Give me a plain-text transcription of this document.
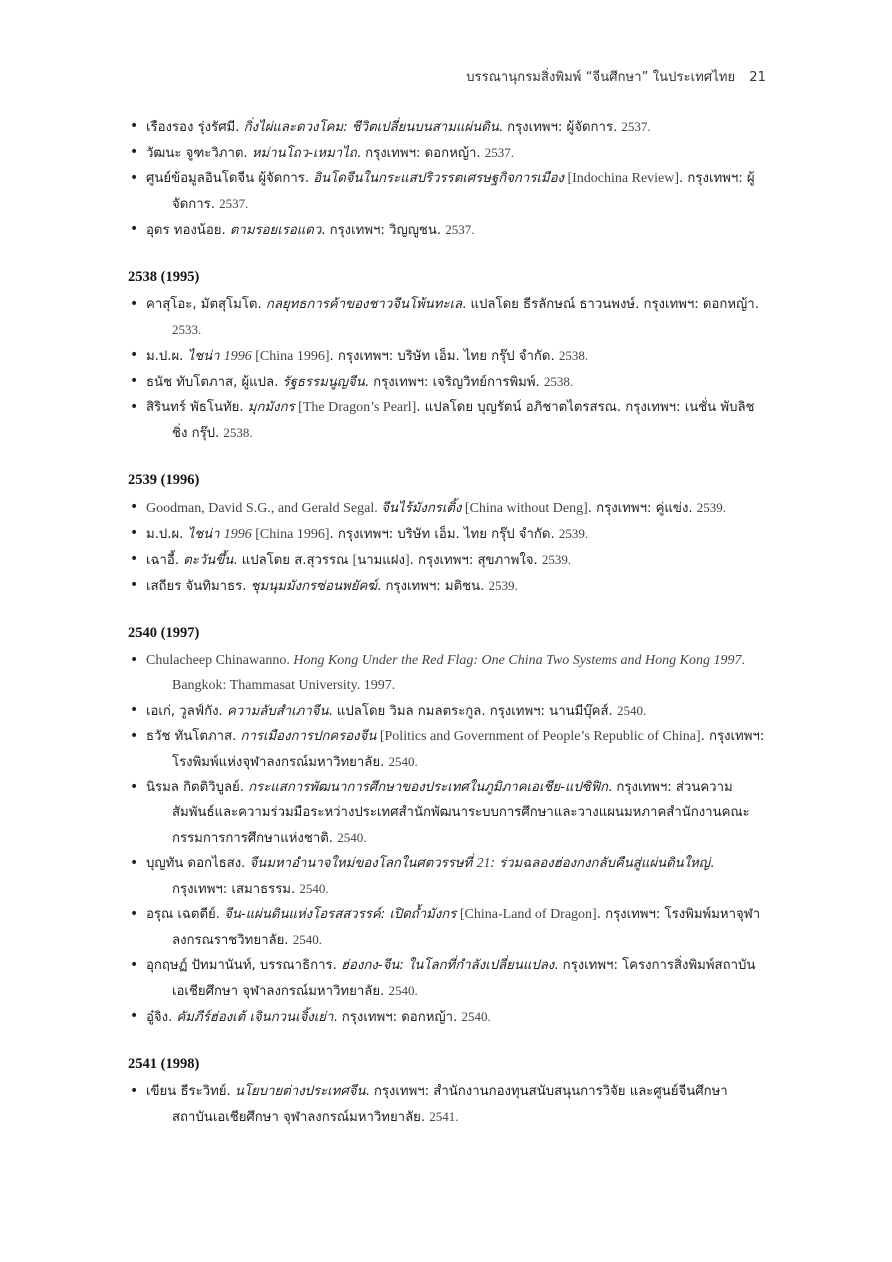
บรรณานุกรมสิ่งพิมพ์ “จีนศึกษา” ในประเทศไทย 21
• เรืองรอง รุ่งรัศมี. กิ่งไผ่และดวงโคม: ชีวิตเปลี่ยนบนสามแผ่นดิน. กรุงเทพฯ: ผู้จัดการ. 2537.
• วัฒนะ จูฑะวิภาต. หม่านโถว-เหมาไถ. กรุงเทพฯ: ดอกหญ้า. 2537.
• ศูนย์ข้อมูลอินโดจีน ผู้จัดการ. อินโดจีนในกระแสปริวรรตเศรษฐกิจการเมือง [Indochina Review]. กรุงเทพฯ: ผู้จัดการ. 2537.
• อุดร ทองน้อย. ตามรอยเรอแดว. กรุงเทพฯ: วิญญูชน. 2537.
2538 (1995)
• คาสุโอะ, มัตสุโมโต. กลยุทธการค้าของชาวจีนโพ้นทะเล. แปลโดย ธีรลักษณ์ ธาวนพงษ์. กรุงเทพฯ: ดอกหญ้า. 2533.
• ม.ป.ผ. ไชน่า 1996 [China 1996]. กรุงเทพฯ: บริษัท เอ็ม. ไทย กรุ๊ป จำกัด. 2538.
• ธนัช ทับโตภาส, ผู้แปล. รัฐธรรมนูญจีน. กรุงเทพฯ: เจริญวิทย์การพิมพ์. 2538.
• สิรินทร์ พัธโนทัย. มุกมังกร [The Dragon’s Pearl]. แปลโดย บุญรัตน์ อภิชาตไตรสรณ. กรุงเทพฯ: เนชั่น พับลิชชิ่ง กรุ๊ป. 2538.
2539 (1996)
• Goodman, David S.G., and Gerald Segal. จีนไร้มังกรเติ้ง [China without Deng]. กรุงเทพฯ: คู่แข่ง. 2539.
• ม.ป.ผ. ไชน่า 1996 [China 1996]. กรุงเทพฯ: บริษัท เอ็ม. ไทย กรุ๊ป จำกัด. 2539.
• เฉาอี้. ตะวันขึ้น. แปลโดย ส.สุวรรณ [นามแฝง]. กรุงเทพฯ: สุขภาพใจ. 2539.
• เสถียร จันทิมาธร. ชุมนุมมังกรซ่อนพยัคฆ์. กรุงเทพฯ: มติชน. 2539.
2540 (1997)
• Chulacheep Chinawanno. Hong Kong Under the Red Flag: One China Two Systems and Hong Kong 1997. Bangkok: Thammasat University. 1997.
• เอเก่, วูลฟ์กัง. ความลับสำเภาจีน. แปลโดย วิมล กมลตระกูล. กรุงเทพฯ: นานมีบุ๊คส์. 2540.
• ธวัช ทันโตภาส. การเมืองการปกครองจีน [Politics and Government of People’s Republic of China]. กรุงเทพฯ: โรงพิมพ์แห่งจุฬาลงกรณ์มหาวิทยาลัย. 2540.
• นิรมล กิตติวิบูลย์. กระแสการพัฒนาการศึกษาของประเทศในภูมิภาคเอเชีย-แปซิฟิก. กรุงเทพฯ: ส่วนความสัมพันธ์และความร่วมมือระหว่างประเทศสำนักพัฒนาระบบการศึกษาและวางแผนมหภาคสำนักงานคณะกรรมการการศึกษาแห่งชาติ. 2540.
• บุญทัน ดอกไธสง. จีนมหาอำนาจใหม่ของโลกในศตวรรษที่ 21: ร่วมฉลองฮ่องกงกลับคืนสู่แผ่นดินใหญ่. กรุงเทพฯ: เสมาธรรม. 2540.
• อรุณ เฉตตีย์. จีน-แผ่นดินแห่งโอรสสวรรค์: เปิดถ้ำมังกร [China-Land of Dragon]. กรุงเทพฯ: โรงพิมพ์มหาจุฬาลงกรณราชวิทยาลัย. 2540.
• อุกฤษฏ์ ปัทมานันท์, บรรณาธิการ. ฮ่องกง-จีน: ในโลกที่กำลังเปลี่ยนแปลง. กรุงเทพฯ: โครงการสิ่งพิมพ์สถาบันเอเชียศึกษา จุฬาลงกรณ์มหาวิทยาลัย. 2540.
• อู๋จิง. คัมภีร์ฮ่องเต้ เจินกวนเจิ้งเย่า. กรุงเทพฯ: ดอกหญ้า. 2540.
2541 (1998)
• เขียน ธีระวิทย์. นโยบายต่างประเทศจีน. กรุงเทพฯ: สำนักงานกองทุนสนับสนุนการวิจัย และศูนย์จีนศึกษา สถาบันเอเชียศึกษา จุฬาลงกรณ์มหาวิทยาลัย. 2541.
